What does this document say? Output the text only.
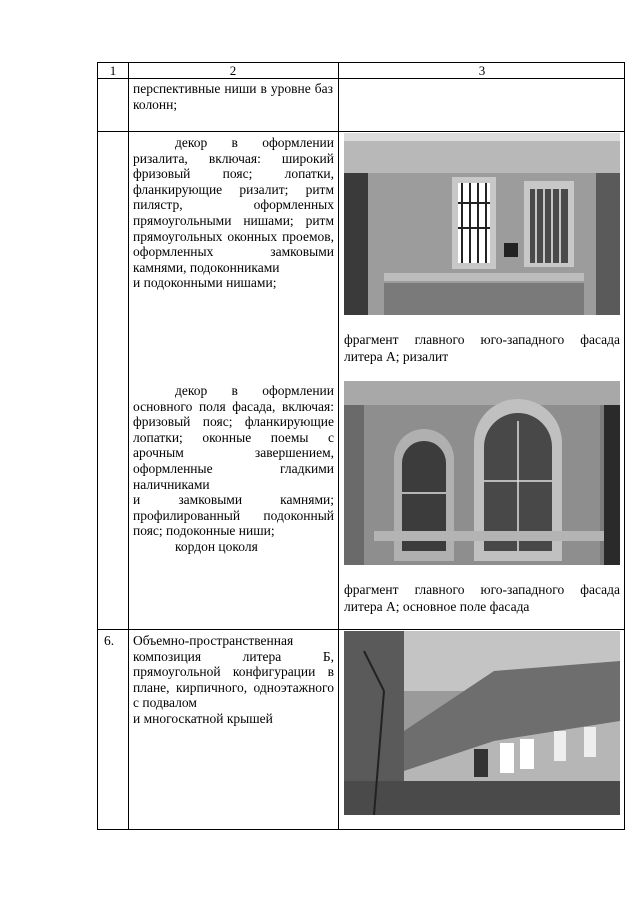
1	2	3
перспективные ниши в уровне баз колонн;

декор в оформлении ризалита, включая: широкий фризовый пояс; лопатки, фланкирующие ризалит; ритм пилястр, оформленных прямоугольными нишами; ритм прямоугольных оконных проемов, оформленных замковыми камнями, подоконниками

и подоконными нишами;

декор в оформлении основного поля фасада, включая: фризовый пояс; фланкирующие лопатки; оконные поемы с арочным завершением, оформленные гладкими наличниками

и замковыми камнями; профилированный подоконный пояс; подоконные ниши;

кордон цоколя

фрагмент главного юго-западного фасада литера А; ризалит
фрагмент главного юго-западного фасада литера А; основное поле фасада
6. Объемно-пространственная композиция литера Б, прямоугольной конфигурации в плане, кирпичного, одноэтажного с подвалом

и многоскатной крышей
